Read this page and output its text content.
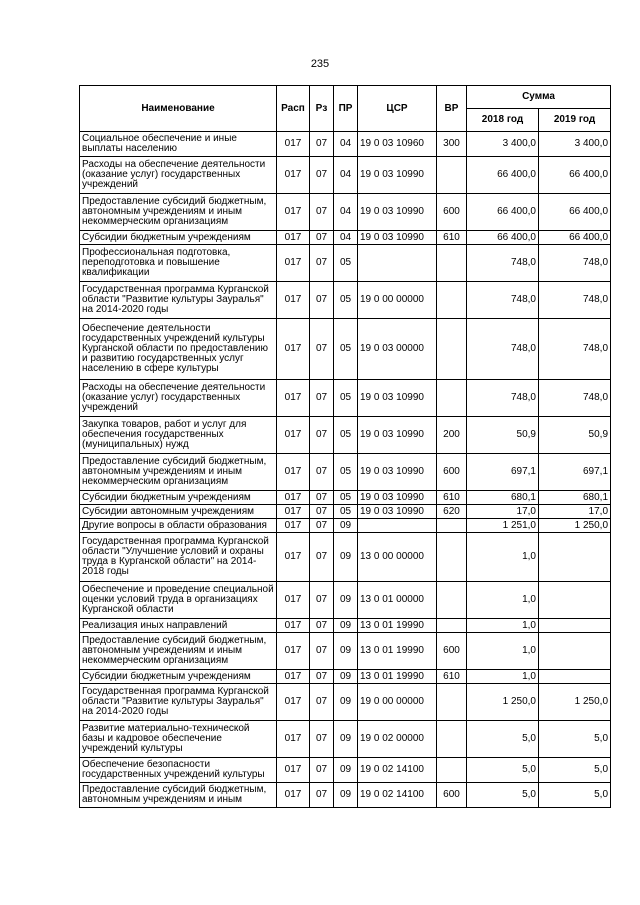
235
Наименование	Расп	Рз	ПР	ЦСР	ВР	Сумма	
						2018 год	2019 год
Социальное обеспечение и иные выплаты населению	017	07	04	19 0 03 10960	300	3 400,0	3 400,0
Расходы на обеспечение деятельности (оказание услуг) государственных учреждений	017	07	04	19 0 03 10990		66 400,0	66 400,0
Предоставление субсидий бюджетным, автономным учреждениям и иным некоммерческим организациям	017	07	04	19 0 03 10990	600	66 400,0	66 400,0
Субсидии бюджетным учреждениям	017	07	04	19 0 03 10990	610	66 400,0	66 400,0
Профессиональная подготовка, переподготовка и повышение квалификации	017	07	05			748,0	748,0
Государственная программа Курганской области "Развитие культуры Зауралья" на 2014-2020 годы	017	07	05	19 0 00 00000		748,0	748,0
Обеспечение деятельности государственных учреждений культуры Курганской области по предоставлению и развитию государственных услуг населению в сфере культуры	017	07	05	19 0 03 00000		748,0	748,0
Расходы на обеспечение деятельности (оказание услуг) государственных учреждений	017	07	05	19 0 03 10990		748,0	748,0
Закупка товаров, работ и услуг для обеспечения государственных (муниципальных) нужд	017	07	05	19 0 03 10990	200	50,9	50,9
Предоставление субсидий бюджетным, автономным учреждениям и иным некоммерческим организациям	017	07	05	19 0 03 10990	600	697,1	697,1
Субсидии бюджетным учреждениям	017	07	05	19 0 03 10990	610	680,1	680,1
Субсидии автономным учреждениям	017	07	05	19 0 03 10990	620	17,0	17,0
Другие вопросы в области образования	017	07	09			1 251,0	1 250,0
Государственная программа Курганской области "Улучшение условий и охраны труда в Курганской области" на 2014-2018 годы	017	07	09	13 0 00 00000		1,0	
Обеспечение и проведение специальной оценки условий труда в организациях Курганской области	017	07	09	13 0 01 00000		1,0	
Реализация иных направлений	017	07	09	13 0 01 19990		1,0	
Предоставление субсидий бюджетным, автономным учреждениям и иным некоммерческим организациям	017	07	09	13 0 01 19990	600	1,0	
Субсидии бюджетным учреждениям	017	07	09	13 0 01 19990	610	1,0	
Государственная программа Курганской области "Развитие культуры Зауралья" на 2014-2020 годы	017	07	09	19 0 00 00000		1 250,0	1 250,0
Развитие материально-технической базы и кадровое обеспечение учреждений культуры	017	07	09	19 0 02 00000		5,0	5,0
Обеспечение безопасности государственных учреждений культуры	017	07	09	19 0 02 14100		5,0	5,0
Предоставление субсидий бюджетным, автономным учреждениям и иным	017	07	09	19 0 02 14100	600	5,0	5,0
